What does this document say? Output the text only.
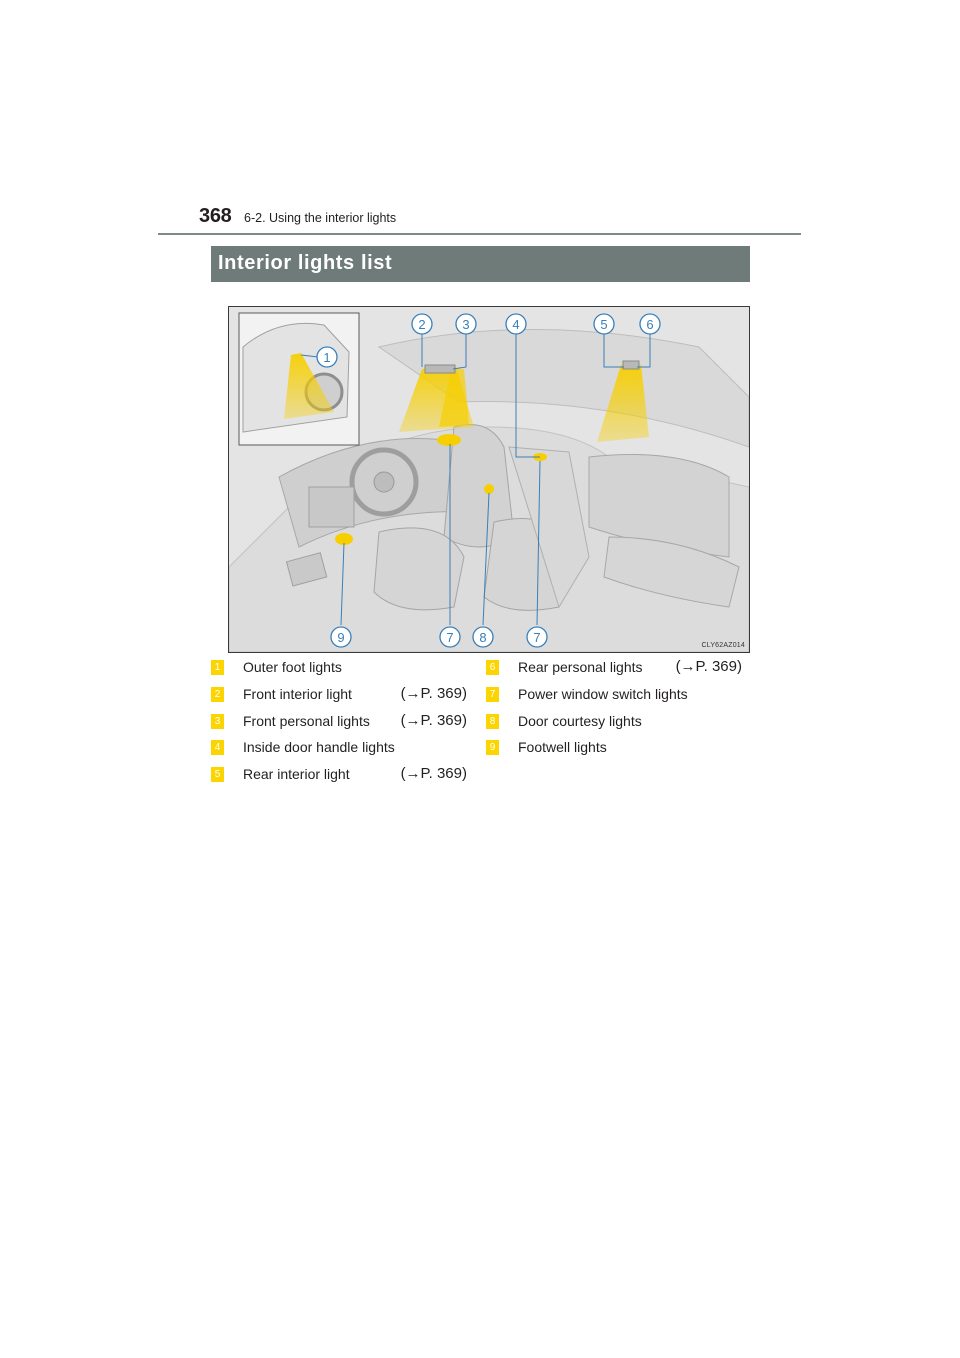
368 6-2. Using the interior lights
Interior lights list
1
2	3	4	5	6
9	7 8	7
CLY62AZ014
1 Outer foot lights
2 Front interior light	(→P. 369)
3 Front personal lights (→P. 369)
4 Inside door handle lights
5 Rear interior light	(→P. 369)
6 Rear personal lights (→P. 369)
7 Power window switch lights
8 Door courtesy lights
9 Footwell lights
